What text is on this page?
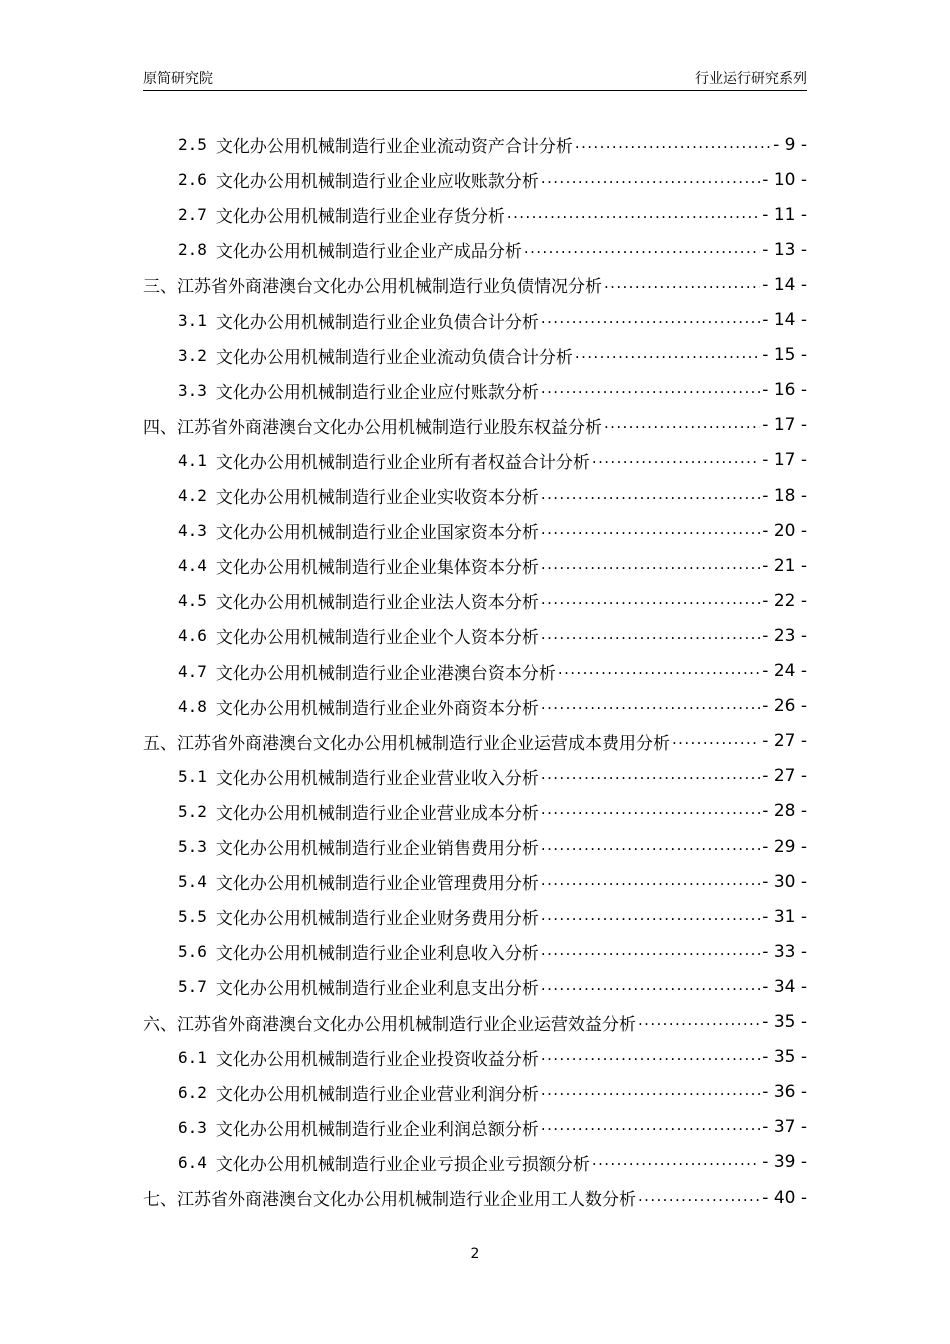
原简研究院	行业运行研究系列
2.5 文化办公用机械制造行业企业流动资产合计分析 .....	- 9 -
2.6 文化办公用机械制造行业企业应收账款分析 .....	- 10 -
2.7 文化办公用机械制造行业企业存货分析 .....	- 11 -
2.8 文化办公用机械制造行业企业产成品分析 .....	- 13 -
三、江苏省外商港澳台文化办公用机械制造行业负债情况分析 .....	- 14 -
3.1 文化办公用机械制造行业企业负债合计分析 .....	- 14 -
3.2 文化办公用机械制造行业企业流动负债合计分析 .....	- 15 -
3.3 文化办公用机械制造行业企业应付账款分析 .....	- 16 -
四、江苏省外商港澳台文化办公用机械制造行业股东权益分析 .....	- 17 -
4.1 文化办公用机械制造行业企业所有者权益合计分析 .....	- 17 -
4.2 文化办公用机械制造行业企业实收资本分析 .....	- 18 -
4.3 文化办公用机械制造行业企业国家资本分析 .....	- 20 -
4.4 文化办公用机械制造行业企业集体资本分析 .....	- 21 -
4.5 文化办公用机械制造行业企业法人资本分析 .....	- 22 -
4.6 文化办公用机械制造行业企业个人资本分析 .....	- 23 -
4.7 文化办公用机械制造行业企业港澳台资本分析 .....	- 24 -
4.8 文化办公用机械制造行业企业外商资本分析 .....	- 26 -
五、江苏省外商港澳台文化办公用机械制造行业企业运营成本费用分析 .....	- 27 -
5.1 文化办公用机械制造行业企业营业收入分析 .....	- 27 -
5.2 文化办公用机械制造行业企业营业成本分析 .....	- 28 -
5.3 文化办公用机械制造行业企业销售费用分析 .....	- 29 -
5.4 文化办公用机械制造行业企业管理费用分析 .....	- 30 -
5.5 文化办公用机械制造行业企业财务费用分析 .....	- 31 -
5.6 文化办公用机械制造行业企业利息收入分析 .....	- 33 -
5.7 文化办公用机械制造行业企业利息支出分析 .....	- 34 -
六、江苏省外商港澳台文化办公用机械制造行业企业运营效益分析 .....	- 35 -
6.1 文化办公用机械制造行业企业投资收益分析 .....	- 35 -
6.2 文化办公用机械制造行业企业营业利润分析 .....	- 36 -
6.3 文化办公用机械制造行业企业利润总额分析 .....	- 37 -
6.4 文化办公用机械制造行业企业亏损企业亏损额分析 .....	- 39 -
七、江苏省外商港澳台文化办公用机械制造行业企业用工人数分析 .....	- 40 -
2
